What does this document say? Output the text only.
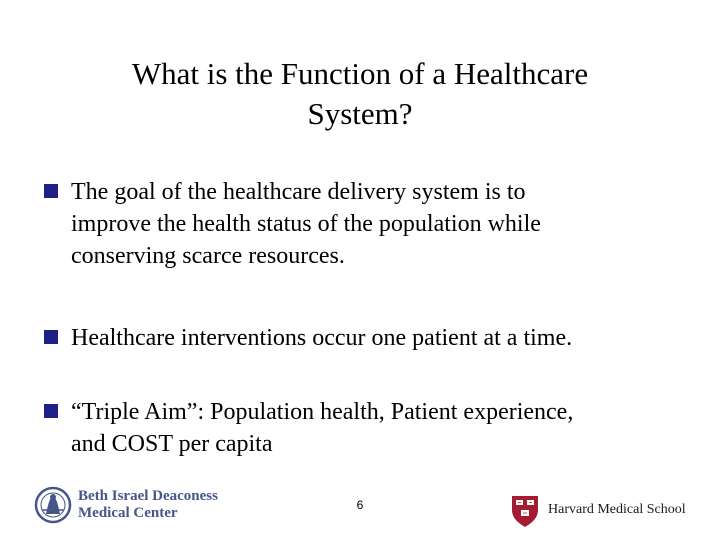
What is the Function of a Healthcare
System?
The goal of the healthcare delivery system is to
improve the health status of the population while
conserving scarce resources.
Healthcare interventions occur one patient at a time.
“Triple Aim”: Population health, Patient experience,
and COST per capita
Beth Israel Deaconess
Medical Center	6	Harvard Medical School
